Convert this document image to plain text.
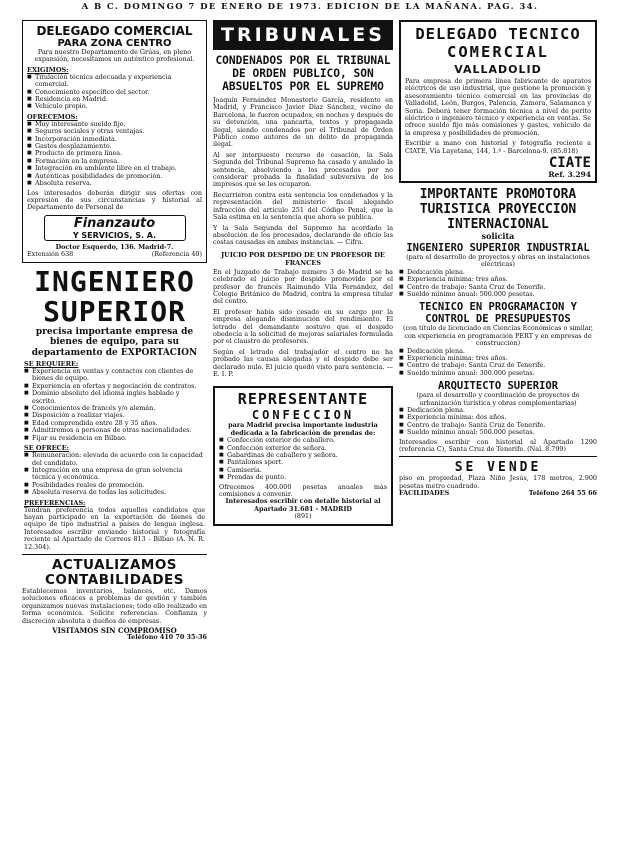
A B C. DOMINGO 7 DE ENERO DE 1973. EDICION DE LA MAÑANA. PAG. 34.

DELEGADO COMERCIAL

PARA ZONA CENTRO

Para nuestro Departamento de Grúas, en pleno expansión, necesitamos un auténtico profesional.

EXIGIMOS:

■ Titulación técnica adecuada y experiencia comercial.
■ Conocimiento específico del sector.
■ Residencia en Madrid.
■ Vehículo propio.

OFRECEMOS:

■ Muy interesante sueldo fijo.
■ Seguros sociales y otras ventajas.
■ Incorporación inmediata.
■ Gastos desplazamiento.
■ Producto de primera línea.
■ Formación en la empresa.
■ Integración en ambiente libre en el trabajo.
■ Auténticas posibilidades de promoción.
■ Absoluta reserva.

Los interesados deberán dirigir sus ofertas con expresión de sus circunstancias y historial al Departamento de Personal de

Finanzauto
Y SERVICIOS, S. A.

Doctor Esquerdo, 136. Madrid-7.

Extensión 638	(Referencia 40)

INGENIERO

SUPERIOR

precisa importante empresa de bienes de equipo, para su departamento de EXPORTACION

SE REQUIERE:

■ Experiencia en ventas y contactos con clientes de bienes de equipo.
■ Experiencia en ofertas y negociación de contratos.
■ Dominio absoluto del idioma inglés hablado y escrito.
■ Conocimientos de francés y/o alemán.
■ Disposición a realizar viajes.
■ Edad comprendida entre 28 y 35 años.
■ Admitiremos a personas de otras nacionalidades.
■ Fijar su residencia en Bilbao.

SE OFRECE:

■ Remuneración: elevada de acuerdo con la capacidad del candidato.
■ Integración en una empresa de gran solvencia técnica y económica.
■ Posibilidades reales de promoción.
■ Absoluta reserva de todas las solicitudes.

PREFERENCIAS:

Tendrán preferencia todos aquellos candidatos que hayan participado en la exportación de bienes de equipo de tipo industrial a países de lengua inglesa. Interesados escribir enviando historial y fotografía reciente al Apartado de Correos 813 - Bilbao (A. N. R. 12.304).

ACTUALIZAMOS

CONTABILIDADES

Establecemos inventarios, balances, etc. Damos soluciones eficaces a problemas de gestión y también organizamos nuevas instalaciones; todo ello realizado en forma económica. Solicite referencias. Confianza y discreción absoluta a dueños de empresas.

VISITAMOS SIN COMPROMISO

Teléfono 410 70 35-36

TRIBUNALES

CONDENADOS POR EL TRIBUNAL DE ORDEN PUBLICO, SON ABSUELTOS POR EL SUPREMO

Joaquín Fernández Monasterio García, residente en Madrid, y Francisco Javier Díaz Sánchez, vecino de Barcelona, le fueron ocupados, en noches y después de su detención, una pancarta, textos y propaganda ilegal, siendo condenados por el Tribunal de Orden Público como autores de un delito de propaganda ilegal.

Al ser interpuesto recurso de casación, la Sala Segunda del Tribunal Supremo ha casado y anulado la sentencia, absolviendo a los procesados por no considerar probada la finalidad subversiva de los impresos que se les ocuparon.

Recurrieron contra esta sentencia los condenados y la representación del ministerio fiscal alegando infracción del artículo 251 del Código Penal, que la Sala estima en la sentencia que ahora se publica.

Y la Sala Segunda del Supremo ha acordado la absolución de los procesados, declarando de oficio las costas causadas en ambas instancias. — Cifra.

JUICIO POR DESPIDO DE UN PROFESOR DE FRANCES

En el Juzgado de Trabajo número 3 de Madrid se ha celebrado el juicio por despido promovido por el profesor de francés Raimundo Vila Fernández, del Colegio Británico de Madrid, contra la empresa titular del centro.

El profesor había sido cesado en su cargo por la empresa alegando disminución del rendimiento. El letrado del demandante sostuvo que el despido obedecía a la solicitud de mejoras salariales formulada por el claustro de profesores.

Según el letrado del trabajador el centro no ha probado las causas alegadas y el despido debe ser declarado nulo. El juicio quedó visto para sentencia. — E. I. P.

REPRESENTANTE

CONFECCION

para Madrid precisa importante industria dedicada a la fabricación de prendas de:

■ Confección exterior de caballero.
■ Confección exterior de señora.
■ Gabardinas de caballero y señora.
■ Pantalones sport.
■ Camisería.
■ Prendas de punto.

Ofrecemos 400.000 pesetas anuales más comisiones a convenir.

Interesados escribir con detalle historial al Apartado 31.681 - MADRID

(891)

DELEGADO TECNICO

COMERCIAL

VALLADOLID

Para empresa de primera línea fabricante de aparatos eléctricos de uso industrial, que gestione la promoción y asesoramiento técnico comercial en las provincias de Valladolid, León, Burgos, Palencia, Zamora, Salamanca y Soria. Deberá tener formación técnica a nivel de perito eléctrico o ingeniero técnico y experiencia en ventas. Se ofrece sueldo fijo más comisiones y gastos, vehículo de la empresa y posibilidades de promoción.

Escribir a mano con historial y fotografía reciente a CIATE, Vía Layetana, 144, 1.º - Barcelona-9. (85.818)

CIATE
Ref. 3.294

IMPORTANTE PROMOTORA

TURISTICA PROYECCION

INTERNACIONAL

solicita

INGENIERO SUPERIOR INDUSTRIAL

(para el desarrollo de proyectos y obras en instalaciones eléctricas)

■ Dedicación plena.
■ Experiencia mínima: tres años.
■ Centro de trabajo: Santa Cruz de Tenerife.
■ Sueldo mínimo anual: 500.000 pesetas.

TECNICO EN PROGRAMACION Y CONTROL DE PRESUPUESTOS

(con título de licenciado en Ciencias Económicas o similar, con experiencia en programación PERT y en empresas de construcción)

■ Dedicación plena.
■ Experiencia mínima: tres años.
■ Centro de trabajo: Santa Cruz de Tenerife.
■ Sueldo mínimo anual: 300.000 pesetas.

ARQUITECTO SUPERIOR

(para el desarrollo y coordinación de proyectos de urbanización turística y obras complementarias)

■ Dedicación plena.
■ Experiencia mínima: dos años.
■ Centro de trabajo: Santa Cruz de Tenerife.
■ Sueldo mínimo anual: 500.000 pesetas.

Interesados escribir con historial al Apartado 1290 (referencia C), Santa Cruz de Tenerife. (Nal. 8.799)

SE VENDE

piso en propiedad, Plaza Niño Jesús, 178 metros, 2.900 pesetas metro cuadrado.

FACILIDADES	Teléfono 264 55 66
